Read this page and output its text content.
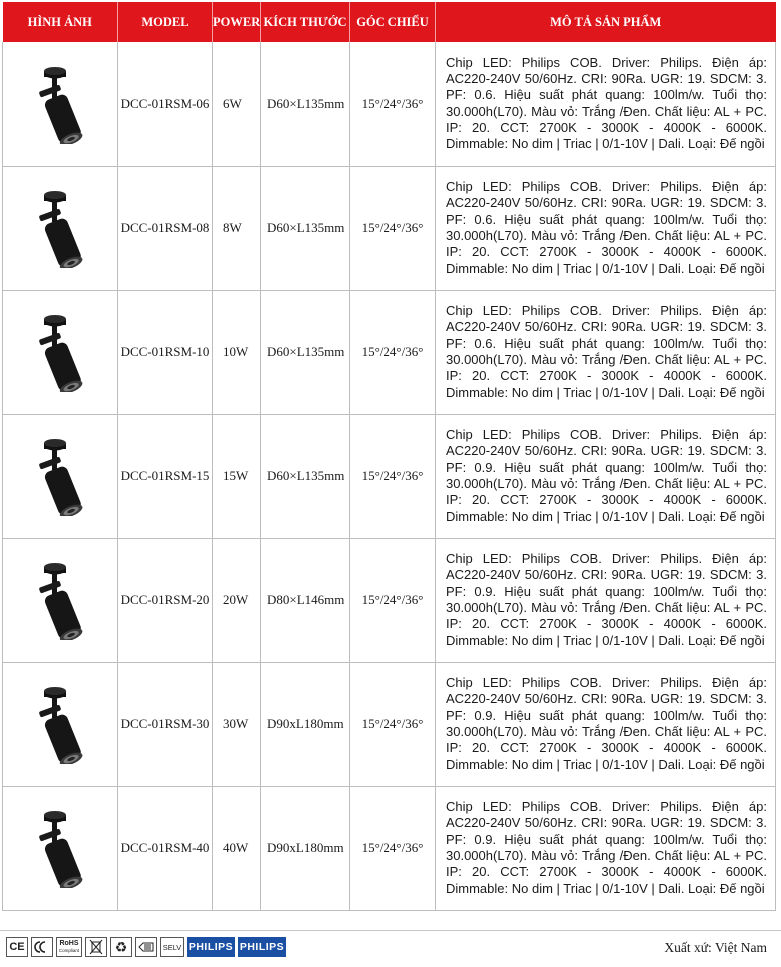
HÌNH ẢNH	MODEL	POWER	KÍCH THƯỚC	GÓC CHIẾU	MÔ TẢ SẢN PHẨM

	DCC-01RSM-06	6W	D60×L135mm	15°/24°/36°	Chip LED: Philips COB. Driver: Philips. Điện áp: AC220-240V 50/60Hz. CRI: 90Ra. UGR: 19. SDCM: 3. PF: 0.6. Hiệu suất phát quang: 100lm/w. Tuổi thọ: 30.000h(L70). Màu vỏ: Trắng /Đen. Chất liệu: AL + PC. IP: 20. CCT: 2700K - 3000K - 4000K - 6000K. Dimmable: No dim | Triac | 0/1-10V | Dali. Loại: Đế ngồi

	DCC-01RSM-08	8W	D60×L135mm	15°/24°/36°	Chip LED: Philips COB. Driver: Philips. Điện áp: AC220-240V 50/60Hz. CRI: 90Ra. UGR: 19. SDCM: 3. PF: 0.6. Hiệu suất phát quang: 100lm/w. Tuổi thọ: 30.000h(L70). Màu vỏ: Trắng /Đen. Chất liệu: AL + PC. IP: 20. CCT: 2700K - 3000K - 4000K - 6000K. Dimmable: No dim | Triac | 0/1-10V | Dali. Loại: Đế ngồi

	DCC-01RSM-10	10W	D60×L135mm	15°/24°/36°	Chip LED: Philips COB. Driver: Philips. Điện áp: AC220-240V 50/60Hz. CRI: 90Ra. UGR: 19. SDCM: 3. PF: 0.6. Hiệu suất phát quang: 100lm/w. Tuổi thọ: 30.000h(L70). Màu vỏ: Trắng /Đen. Chất liệu: AL + PC. IP: 20. CCT: 2700K - 3000K - 4000K - 6000K. Dimmable: No dim | Triac | 0/1-10V | Dali. Loại: Đế ngồi

	DCC-01RSM-15	15W	D60×L135mm	15°/24°/36°	Chip LED: Philips COB. Driver: Philips. Điện áp: AC220-240V 50/60Hz. CRI: 90Ra. UGR: 19. SDCM: 3. PF: 0.9. Hiệu suất phát quang: 100lm/w. Tuổi thọ: 30.000h(L70). Màu vỏ: Trắng /Đen. Chất liệu: AL + PC. IP: 20. CCT: 2700K - 3000K - 4000K - 6000K. Dimmable: No dim | Triac | 0/1-10V | Dali. Loại: Đế ngồi

	DCC-01RSM-20	20W	D80×L146mm	15°/24°/36°	Chip LED: Philips COB. Driver: Philips. Điện áp: AC220-240V 50/60Hz. CRI: 90Ra. UGR: 19. SDCM: 3. PF: 0.9. Hiệu suất phát quang: 100lm/w. Tuổi thọ: 30.000h(L70). Màu vỏ: Trắng /Đen. Chất liệu: AL + PC. IP: 20. CCT: 2700K - 3000K - 4000K - 6000K. Dimmable: No dim | Triac | 0/1-10V | Dali. Loại: Đế ngồi

	DCC-01RSM-30	30W	D90xL180mm	15°/24°/36°	Chip LED: Philips COB. Driver: Philips. Điện áp: AC220-240V 50/60Hz. CRI: 90Ra. UGR: 19. SDCM: 3. PF: 0.9. Hiệu suất phát quang: 100lm/w. Tuổi thọ: 30.000h(L70). Màu vỏ: Trắng /Đen. Chất liệu: AL + PC. IP: 20. CCT: 2700K - 3000K - 4000K - 6000K. Dimmable: No dim | Triac | 0/1-10V | Dali. Loại: Đế ngồi

	DCC-01RSM-40	40W	D90xL180mm	15°/24°/36°	Chip LED: Philips COB. Driver: Philips. Điện áp: AC220-240V 50/60Hz. CRI: 90Ra. UGR: 19. SDCM: 3. PF: 0.9. Hiệu suất phát quang: 100lm/w. Tuổi thọ: 30.000h(L70). Màu vỏ: Trắng /Đen. Chất liệu: AL + PC. IP: 20. CCT: 2700K - 3000K - 4000K - 6000K. Dimmable: No dim | Triac | 0/1-10V | Dali. Loại: Đế ngồi
CE	RoHS
Compliant	♻	SELV PHILIPS PHILIPS	Xuất xứ: Việt Nam
